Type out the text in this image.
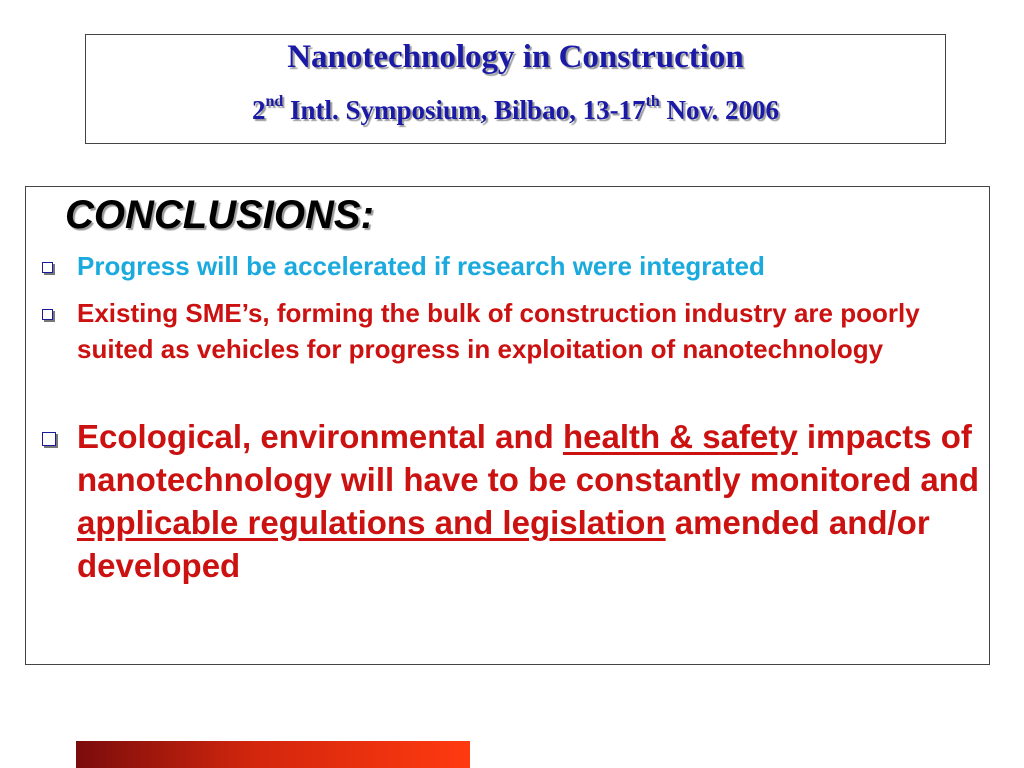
Nanotechnology in Construction
2nd Intl. Symposium, Bilbao, 13-17th Nov. 2006
CONCLUSIONS:
Progress will be accelerated if research were integrated
Existing SME’s, forming the bulk of construction industry are poorly suited as vehicles for progress in exploitation of nanotechnology
Ecological, environmental and health & safety impacts of nanotechnology will have to be constantly monitored and applicable regulations and legislation amended and/or developed
